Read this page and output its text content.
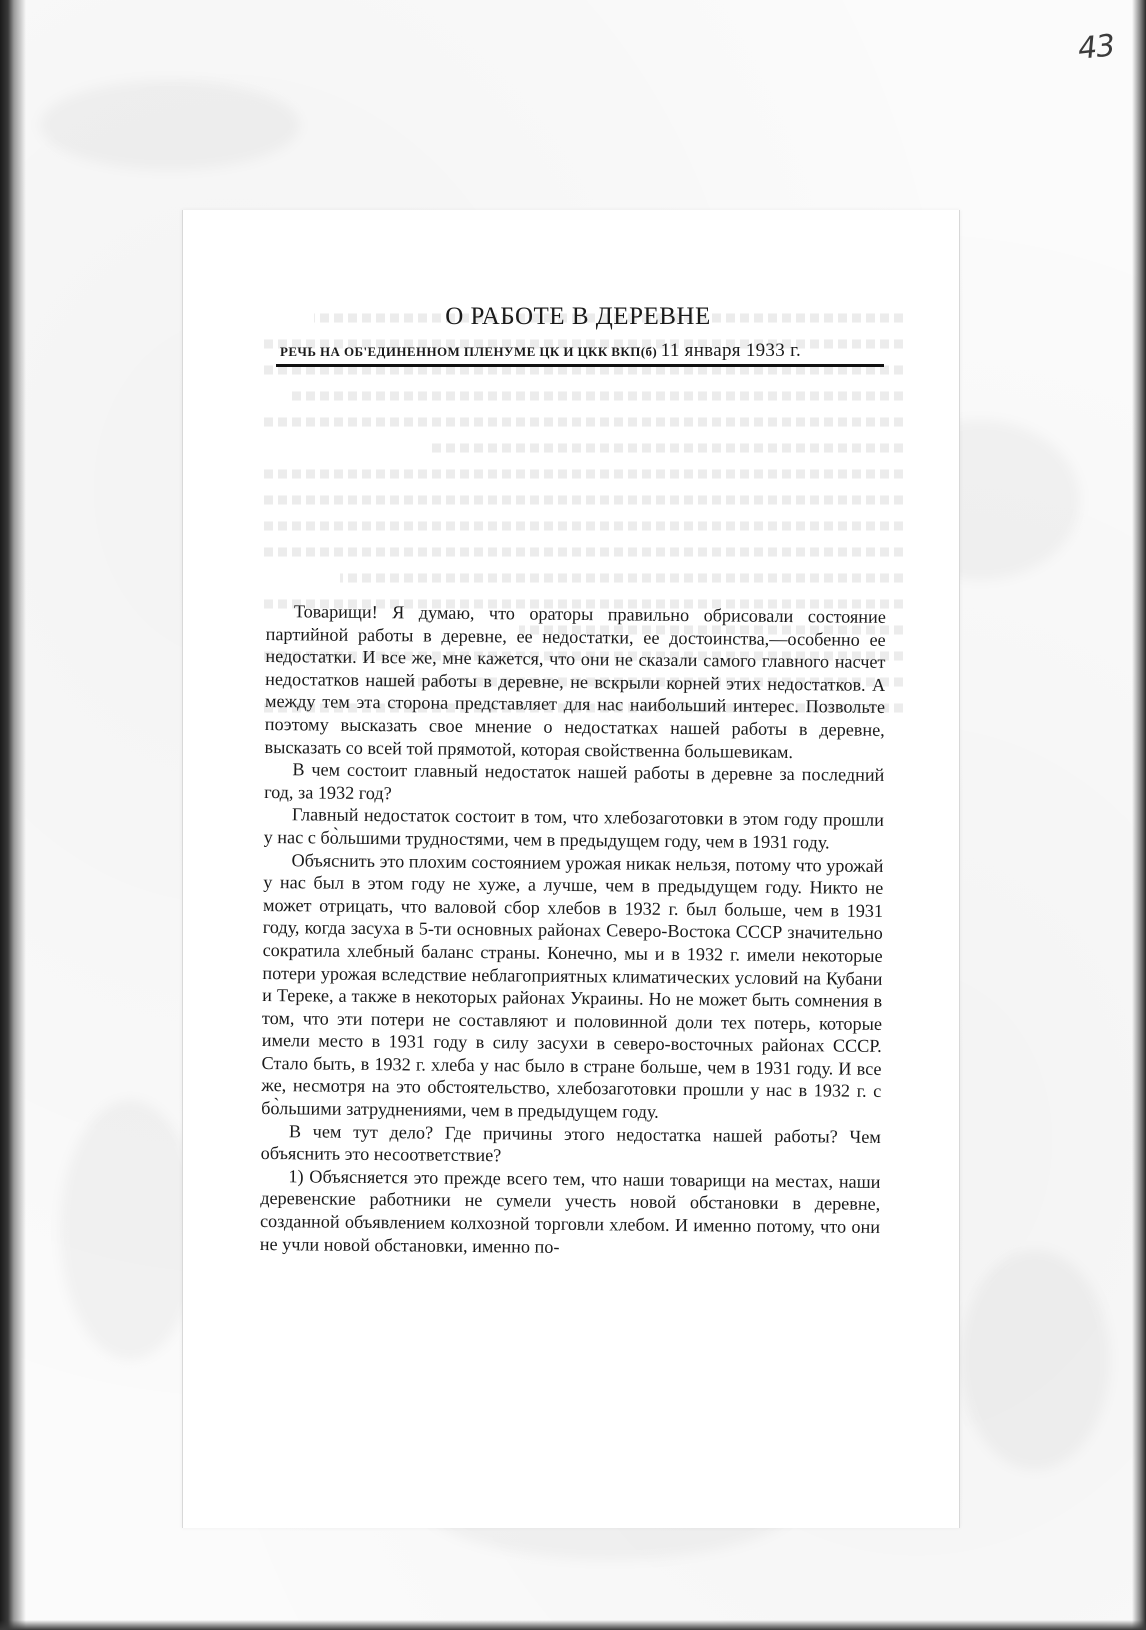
43
О РАБОТЕ В ДЕРЕВНЕ
РЕЧЬ НА ОБ'ЕДИНЕННОМ ПЛЕНУМЕ ЦК И ЦКК ВКП(б) 11 января 1933 г.

Товарищи! Я думаю, что ораторы правильно обрисовали состояние партийной работы в деревне, ее недостатки, ее достоинства,—особенно ее недостатки. И все же, мне кажется, что они не сказали самого главного насчет недостатков нашей работы в деревне, не вскрыли корней этих недостатков. А между тем эта сторона представляет для нас наибольший интерес. Позвольте поэтому высказать свое мнение о недостатках нашей работы в деревне, высказать со всей той прямотой, которая свойственна большевикам.

В чем состоит главный недостаток нашей работы в деревне за последний год, за 1932 год?

Главный недостаток состоит в том, что хлебозаготовки в этом году прошли у нас с бо̀льшими трудностями, чем в предыдущем году, чем в 1931 году.

Объяснить это плохим состоянием урожая никак нельзя, потому что урожай у нас был в этом году не хуже, а лучше, чем в предыдущем году. Никто не может отрицать, что валовой сбор хлебов в 1932 г. был больше, чем в 1931 году, когда засуха в 5-ти основных районах Северо-Востока СССР значительно сократила хлебный баланс страны. Конечно, мы и в 1932 г. имели некоторые потери урожая вследствие неблагоприятных климатических условий на Кубани и Тереке, а также в некоторых районах Украины. Но не может быть сомнения в том, что эти потери не составляют и половинной доли тех потерь, которые имели место в 1931 году в силу засухи в северо-восточных районах СССР. Стало быть, в 1932 г. хлеба у нас было в стране больше, чем в 1931 году. И все же, несмотря на это обстоятельство, хлебозаготовки прошли у нас в 1932 г. с бо̀льшими затруднениями, чем в предыдущем году.

В чем тут дело? Где причины этого недостатка нашей работы? Чем объяснить это несоответствие?

1) Объясняется это прежде всего тем, что наши товарищи на местах, наши деревенские работники не сумели учесть новой обстановки в деревне, созданной объявлением колхозной торговли хлебом. И именно потому, что они не учли новой обстановки, именно по-
